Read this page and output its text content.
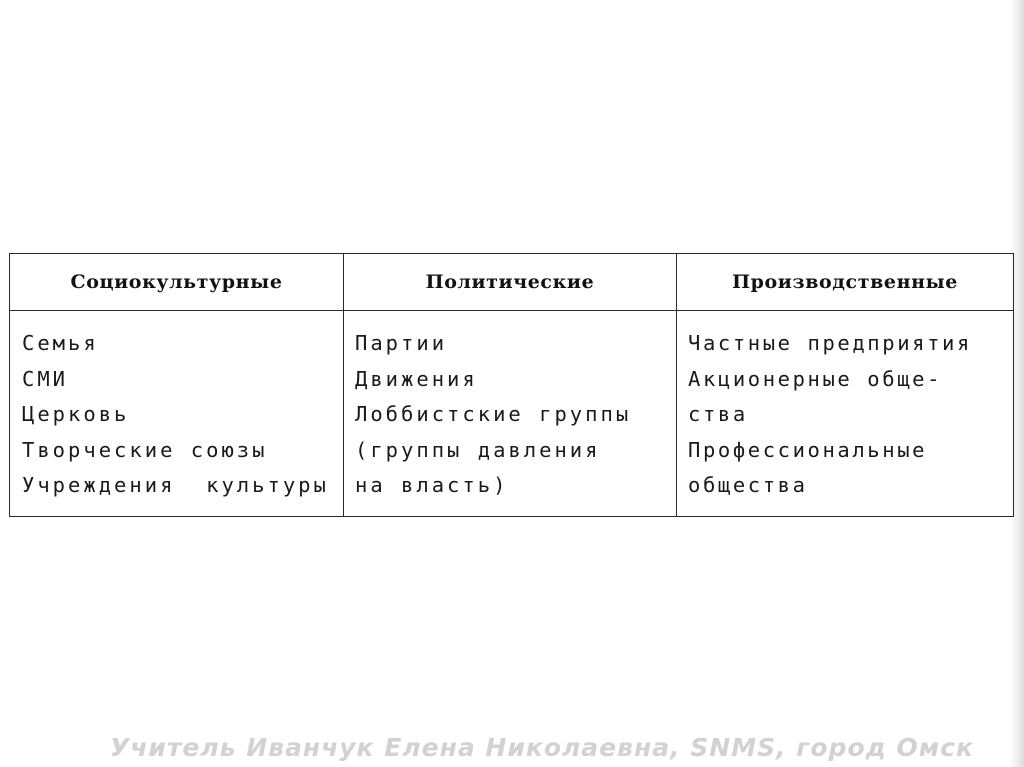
Социокультурные	Политические	Производственные
Семья
СМИ
Церковь
Творческие союзы
Учреждения  культуры
Партии
Движения
Лоббистские группы
(группы давления
на власть)
Частные предприятия
Акционерные обще-
ства
Профессиональные
общества
Учитель Иванчук Елена Николаевна, SNMS, город Омск
